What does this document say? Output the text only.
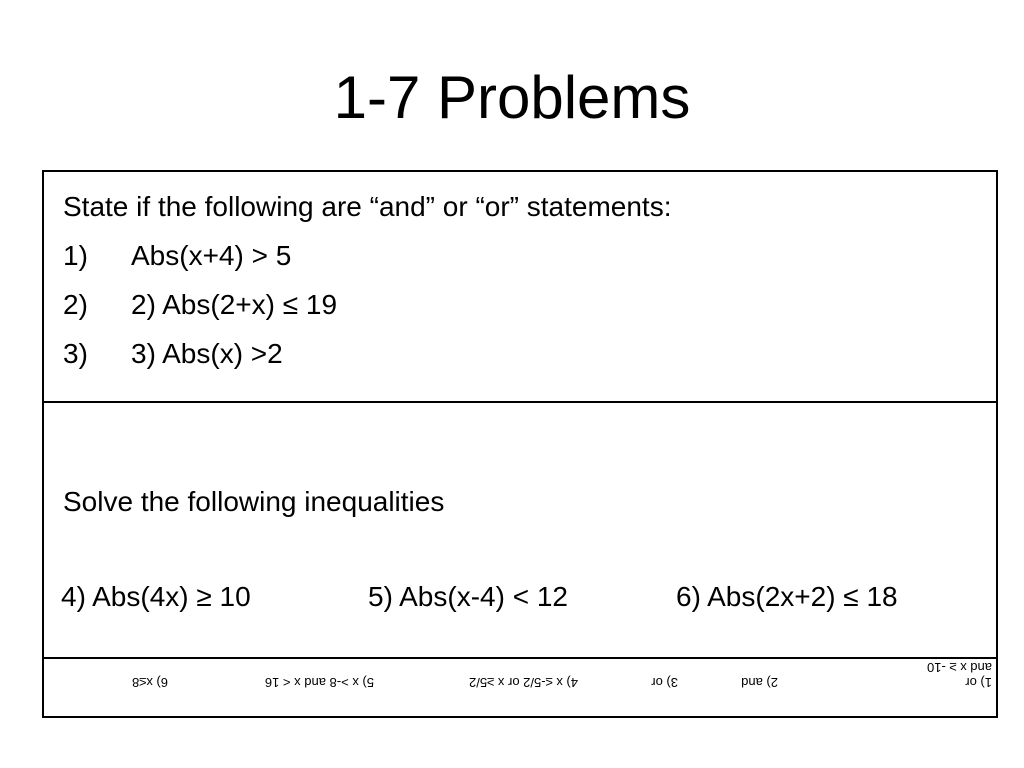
1-7 Problems
State if the following are “and” or “or” statements:
1) Abs(x+4) > 5
2) 2) Abs(2+x) ≤ 19
3) 3) Abs(x) >2
Solve the following inequalities
4) Abs(4x) ≥ 10	5) Abs(x-4) < 12	6) Abs(2x+2) ≤ 18
1) or
and x ≥ -10
2) and
3) or
4) x ≤-5/2 or x ≥5/2
5) x >-8 and x < 16
6) x≤8
